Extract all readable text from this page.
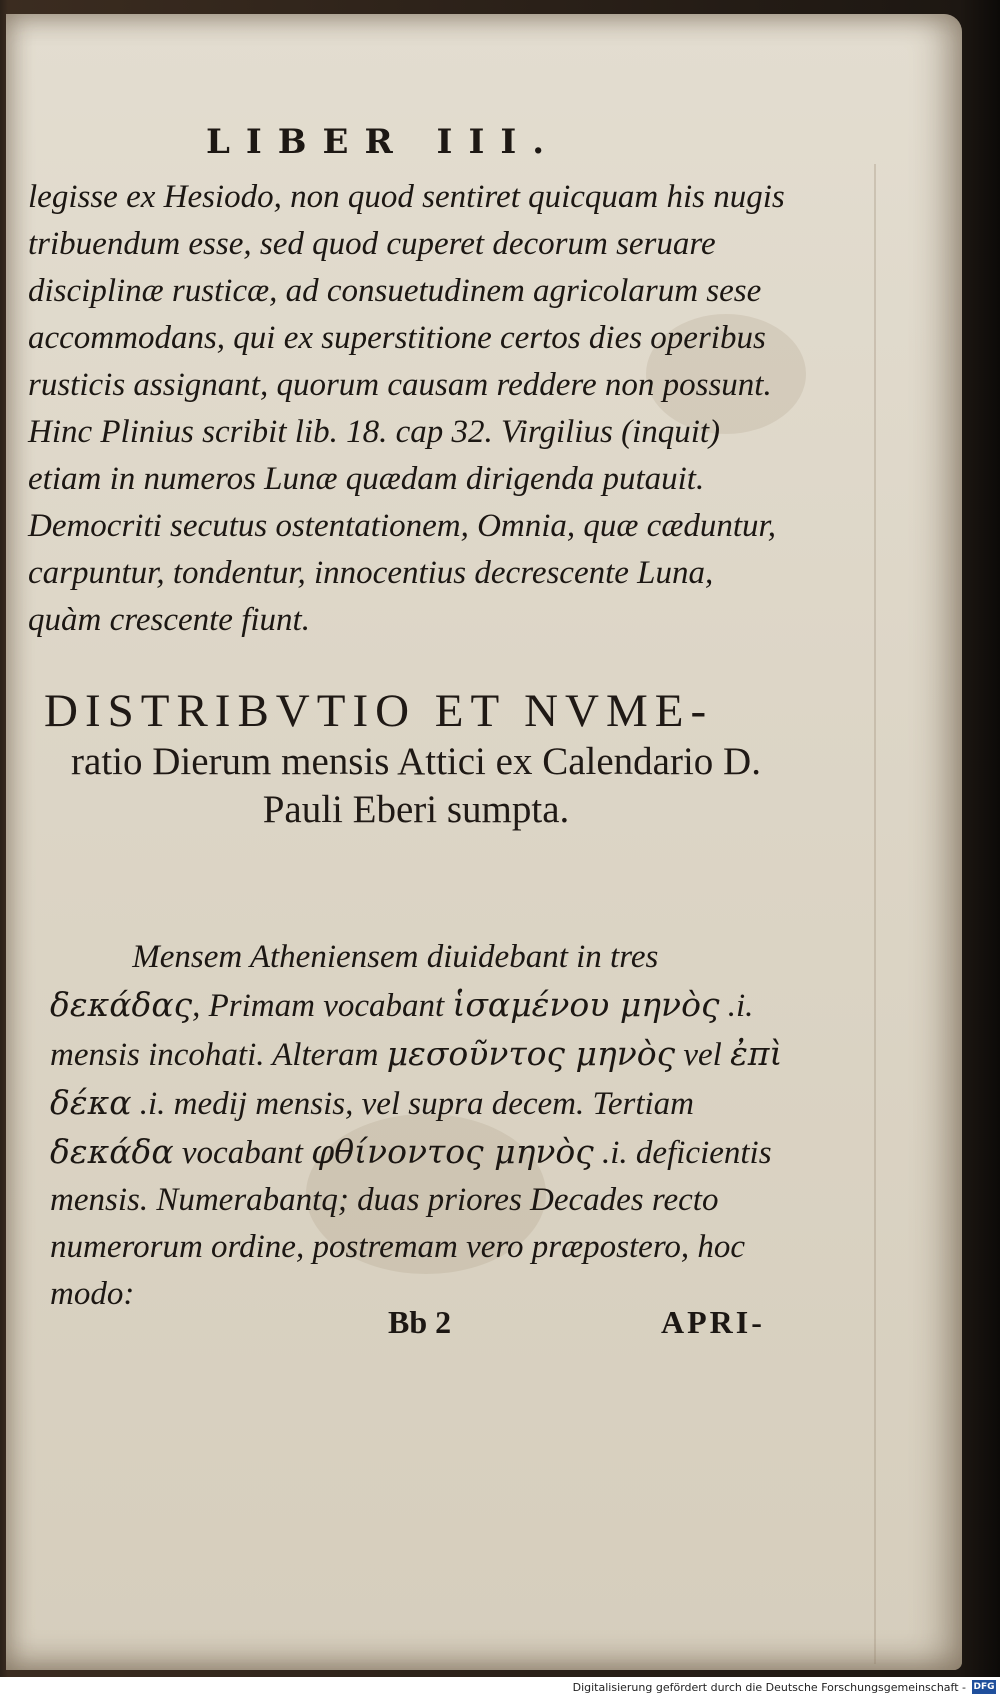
LIBER III.

legisse ex Hesiodo, non quod sentiret quicquam his nugis tribuendum esse, sed quod cuperet decorum seruare disciplinæ rusticæ, ad consuetudinem agricolarum sese accommodans, qui ex superstitione certos dies operibus rusticis assignant, quorum causam reddere non possunt. Hinc Plinius scribit lib. 18. cap 32. Virgilius (inquit) etiam in numeros Lunæ quædam dirigenda putauit. Democriti secutus ostentationem, Omnia, quæ cæduntur, carpuntur, tondentur, innocentius decrescente Luna, quàm crescente fiunt.

DISTRIBVTIO ET NVME-
ratio Dierum mensis Attici ex Calendario D. Pauli Eberi sumpta.

Mensem Atheniensem diuidebant in tres δεκάδας, Primam vocabant ἱσαμένου μηνὸς .i. mensis incohati. Alteram μεσοῦντος μηνὸς vel ἐπὶ δέκα .i. medij mensis, vel supra decem. Tertiam δεκάδα vocabant φθίνοντος μηνὸς .i. deficientis mensis. Numerabantq; duas priores Decades recto numerorum ordine, postremam vero præpostero, hoc modo:

Bb 2	APRI-
Digitalisierung gefördert durch die Deutsche Forschungsgemeinschaft - DFG
